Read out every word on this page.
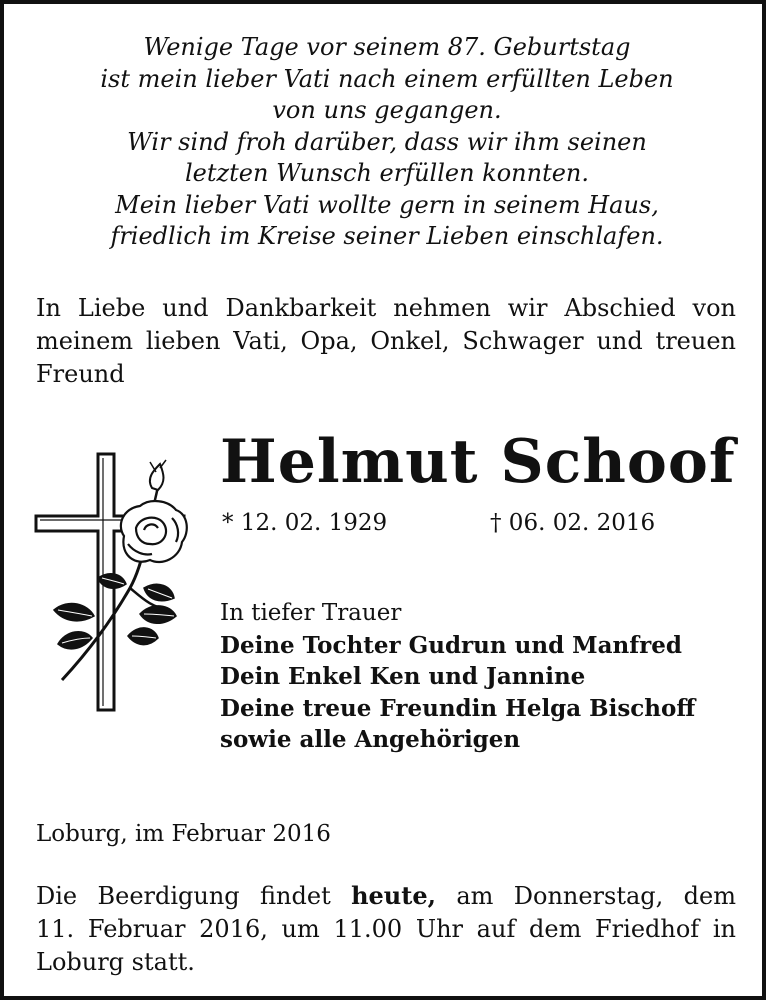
Wenige Tage vor seinem 87. Geburtstag
ist mein lieber Vati nach einem erfüllten Leben
von uns gegangen.
Wir sind froh darüber, dass wir ihm seinen
letzten Wunsch erfüllen konnten.
Mein lieber Vati wollte gern in seinem Haus,
friedlich im Kreise seiner Lieben einschlafen.
In Liebe und Dankbarkeit nehmen wir Abschied von
meinem lieben Vati, Opa, Onkel, Schwager und treuen
Freund
Helmut Schoof
* 12. 02. 1929	† 06. 02. 2016
In tiefer Trauer
Deine Tochter Gudrun und Manfred
Dein Enkel Ken und Jannine
Deine treue Freundin Helga Bischoff
sowie alle Angehörigen
Loburg, im Februar 2016
Die Beerdigung findet heute, am Donnerstag, dem
11. Februar 2016, um 11.00 Uhr auf dem Friedhof in
Loburg statt.
